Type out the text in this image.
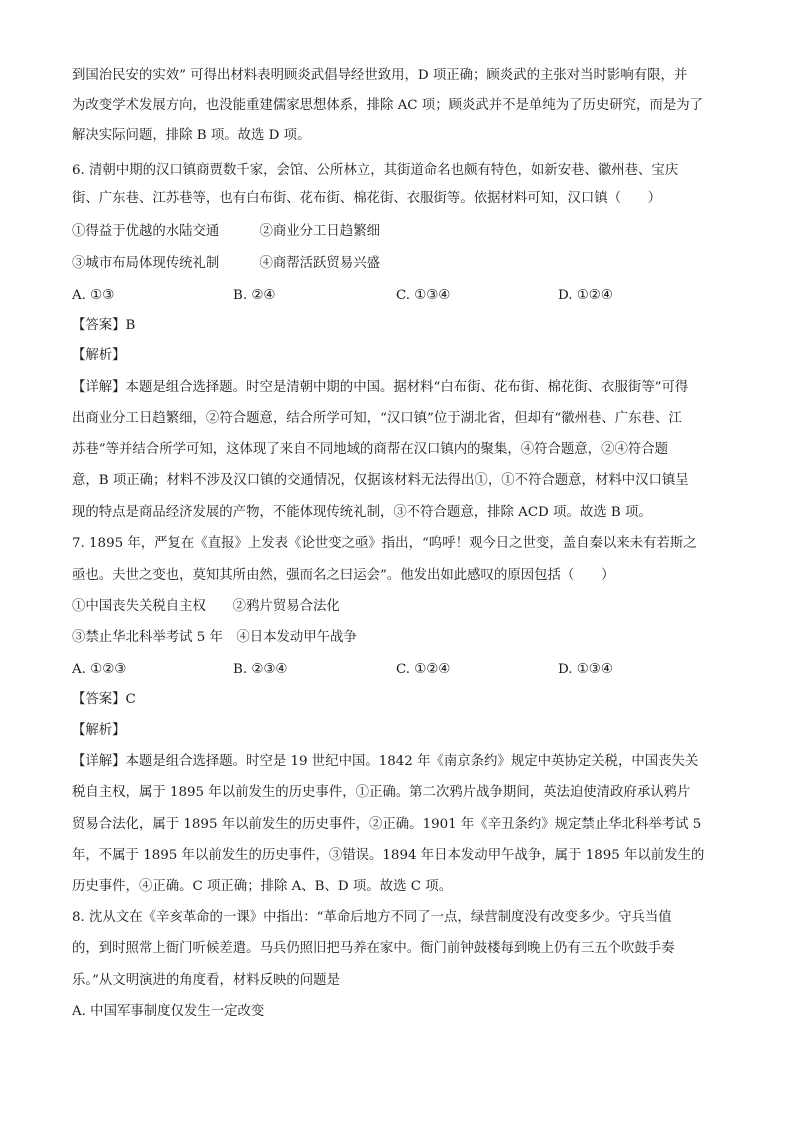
到国治民安的实效” 可得出材料表明顾炎武倡导经世致用，D 项正确；顾炎武的主张对当时影响有限，并
为改变学术发展方向，也没能重建儒家思想体系，排除 AC 项；顾炎武并不是单纯为了历史研究，而是为了
解决实际问题，排除 B 项。故选 D 项。
6. 清朝中期的汉口镇商贾数千家，会馆、公所林立，其街道命名也颇有特色，如新安巷、徽州巷、宝庆
街、广东巷、江苏巷等，也有白布街、花布街、棉花街、衣服街等。依据材料可知，汉口镇（　　）
①得益于优越的水陆交通　　　②商业分工日趋繁细
③城市布局体现传统礼制　　　④商帮活跃贸易兴盛
A. ①③	B. ②④	C. ①③④	D. ①②④
【答案】B
【解析】
【详解】本题是组合选择题。时空是清朝中期的中国。据材料“白布街、花布街、棉花街、衣服街等”可得
出商业分工日趋繁细，②符合题意，结合所学可知，“汉口镇”位于湖北省，但却有“徽州巷、广东巷、江
苏巷”等并结合所学可知，这体现了来自不同地域的商帮在汉口镇内的聚集，④符合题意，②④符合题
意，B 项正确；材料不涉及汉口镇的交通情况，仅据该材料无法得出①，①不符合题意，材料中汉口镇呈
现的特点是商品经济发展的产物，不能体现传统礼制，③不符合题意，排除 ACD 项。故选 B 项。
7. 1895 年，严复在《直报》上发表《论世变之亟》指出，“呜呼！观今日之世变，盖自秦以来未有若斯之
亟也。夫世之变也，莫知其所由然，强而名之曰运会”。他发出如此感叹的原因包括（　　）
①中国丧失关税自主权　　②鸦片贸易合法化
③禁止华北科举考试 5 年　④日本发动甲午战争
A. ①②③	B. ②③④	C. ①②④	D. ①③④
【答案】C
【解析】
【详解】本题是组合选择题。时空是 19 世纪中国。1842 年《南京条约》规定中英协定关税，中国丧失关
税自主权，属于 1895 年以前发生的历史事件，①正确。第二次鸦片战争期间，英法迫使清政府承认鸦片
贸易合法化，属于 1895 年以前发生的历史事件，②正确。1901 年《辛丑条约》规定禁止华北科举考试 5
年，不属于 1895 年以前发生的历史事件，③错误。1894 年日本发动甲午战争，属于 1895 年以前发生的
历史事件，④正确。C 项正确；排除 A、B、D 项。故选 C 项。
8. 沈从文在《辛亥革命的一课》中指出：“革命后地方不同了一点，绿营制度没有改变多少。守兵当值
的，到时照常上衙门听候差遣。马兵仍照旧把马养在家中。衙门前钟鼓楼每到晚上仍有三五个吹鼓手奏
乐。”从文明演进的角度看，材料反映的问题是
A. 中国军事制度仅发生一定改变
